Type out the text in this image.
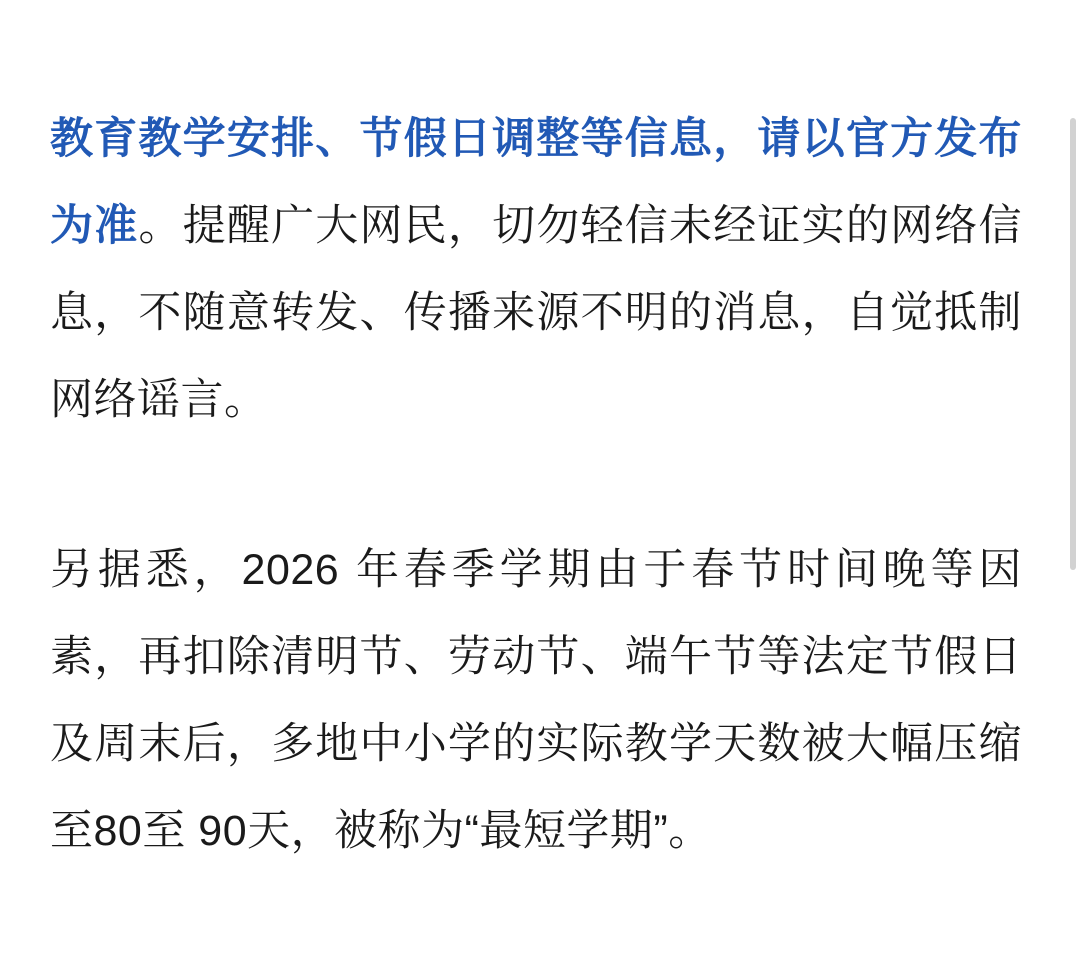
教育教学安排、节假日调整等信息，请以官方发布为准。提醒广大网民，切勿轻信未经证实的网络信息，不随意转发、传播来源不明的消息，自觉抵制网络谣言。

另据悉，2026 年春季学期由于春节时间晚等因素，再扣除清明节、劳动节、端午节等法定节假日及周末后，多地中小学的实际教学天数被大幅压缩至80至 90天，被称为“最短学期”。
